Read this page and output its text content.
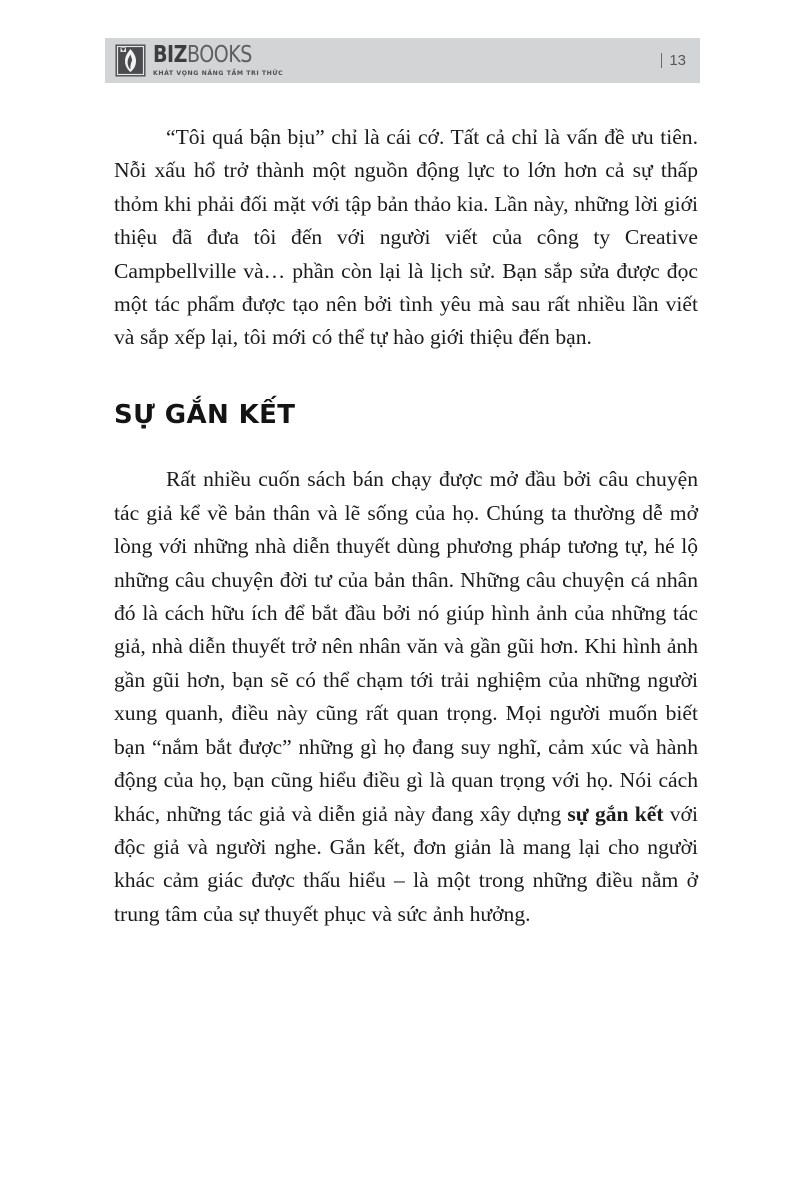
BIZBOOKS
KHÁT VỌNG NÂNG TẦM TRI THỨC
13

“Tôi quá bận bịu” chỉ là cái cớ. Tất cả chỉ là vấn đề ưu tiên. Nỗi xấu hổ trở thành một nguồn động lực to lớn hơn cả sự thấp thỏm khi phải đối mặt với tập bản thảo kia. Lần này, những lời giới thiệu đã đưa tôi đến với người viết của công ty Creative Campbellville và… phần còn lại là lịch sử. Bạn sắp sửa được đọc một tác phẩm được tạo nên bởi tình yêu mà sau rất nhiều lần viết và sắp xếp lại, tôi mới có thể tự hào giới thiệu đến bạn.

SỰ GẮN KẾT

Rất nhiều cuốn sách bán chạy được mở đầu bởi câu chuyện tác giả kể về bản thân và lẽ sống của họ. Chúng ta thường dễ mở lòng với những nhà diễn thuyết dùng phương pháp tương tự, hé lộ những câu chuyện đời tư của bản thân. Những câu chuyện cá nhân đó là cách hữu ích để bắt đầu bởi nó giúp hình ảnh của những tác giả, nhà diễn thuyết trở nên nhân văn và gần gũi hơn. Khi hình ảnh gần gũi hơn, bạn sẽ có thể chạm tới trải nghiệm của những người xung quanh, điều này cũng rất quan trọng. Mọi người muốn biết bạn “nắm bắt được” những gì họ đang suy nghĩ, cảm xúc và hành động của họ, bạn cũng hiểu điều gì là quan trọng với họ. Nói cách khác, những tác giả và diễn giả này đang xây dựng sự gắn kết với độc giả và người nghe. Gắn kết, đơn giản là mang lại cho người khác cảm giác được thấu hiểu – là một trong những điều nằm ở trung tâm của sự thuyết phục và sức ảnh hưởng.
